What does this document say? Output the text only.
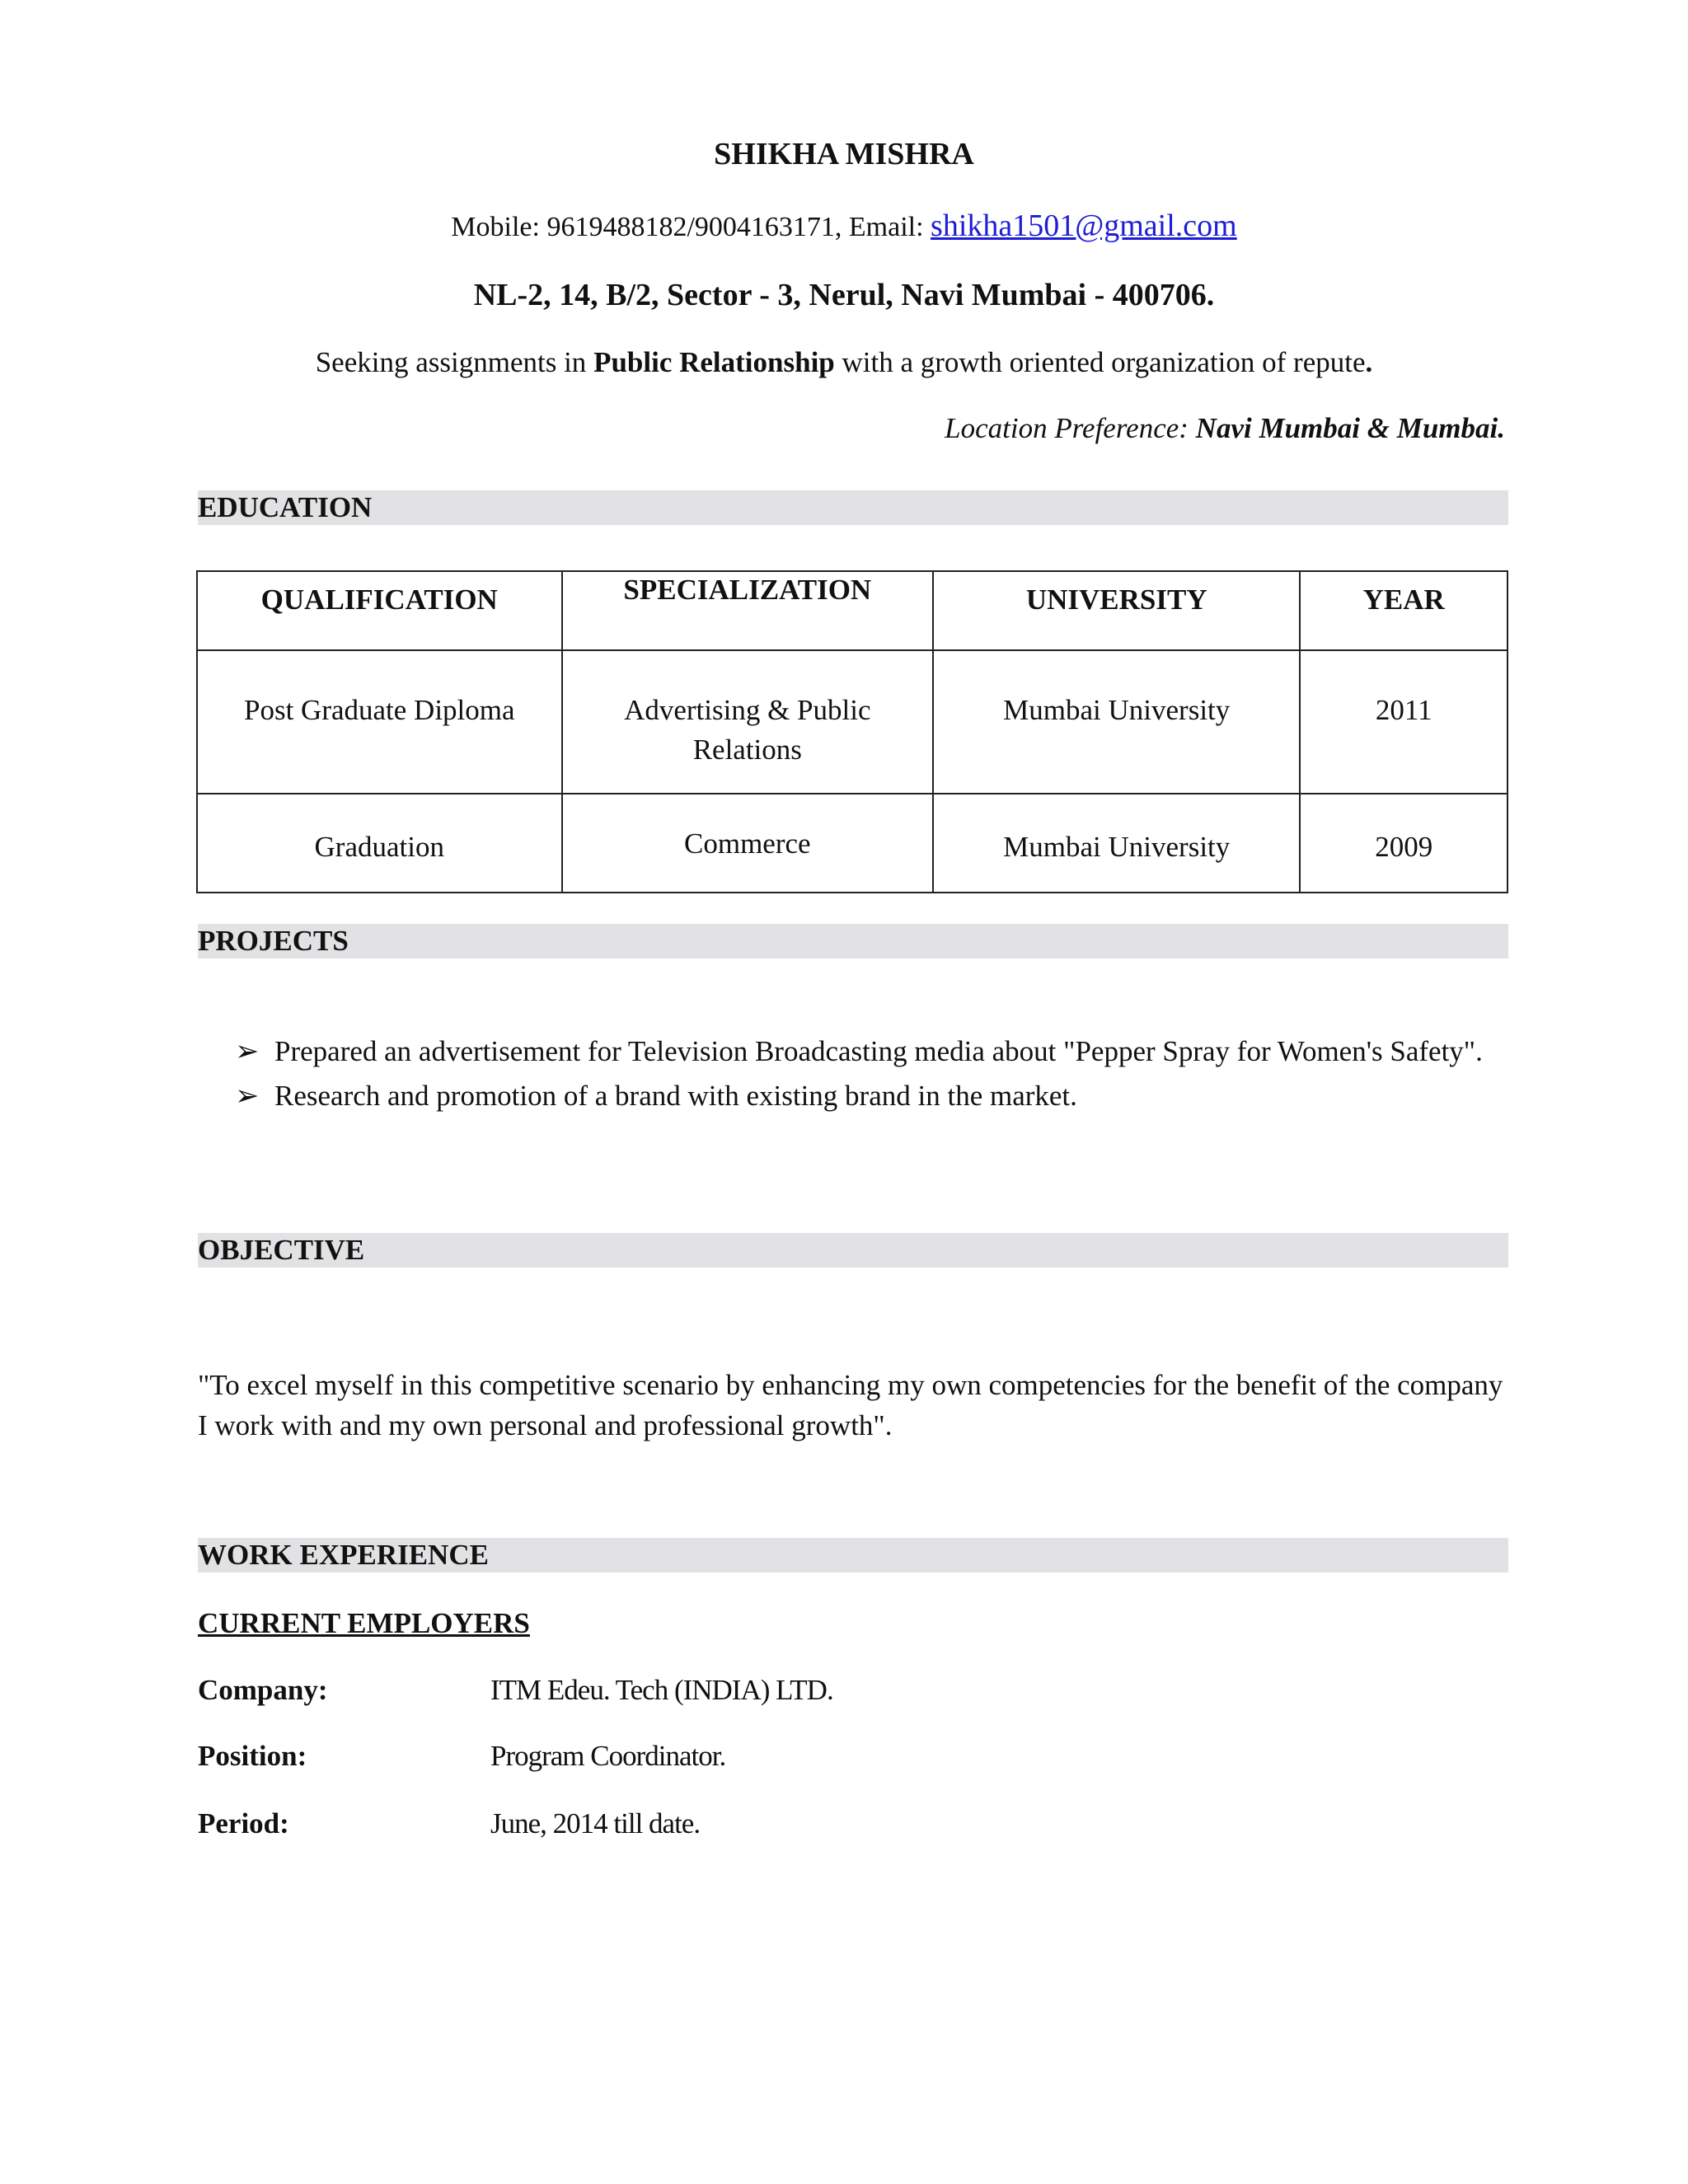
SHIKHA MISHRA
Mobile: 9619488182/9004163171, Email: shikha1501@gmail.com
NL-2, 14, B/2, Sector - 3, Nerul, Navi Mumbai - 400706.
Seeking assignments in Public Relationship with a growth oriented organization of repute.
Location Preference: Navi Mumbai & Mumbai.
EDUCATION
QUALIFICATION	SPECIALIZATION	UNIVERSITY	YEAR
Post Graduate Diploma	Advertising & Public Relations	Mumbai University	2011
Graduation	Commerce	Mumbai University	2009
PROJECTS
➢ Prepared an advertisement for Television Broadcasting media about "Pepper Spray for Women's Safety".
➢ Research and promotion of a brand with existing brand in the market.
OBJECTIVE
"To excel myself in this competitive scenario by enhancing my own competencies for the benefit of the company I work with and my own personal and professional growth".
WORK EXPERIENCE
CURRENT EMPLOYERS
Company:	ITM Edeu. Tech (INDIA) LTD.
Position:	Program Coordinator.
Period:	June, 2014 till date.
